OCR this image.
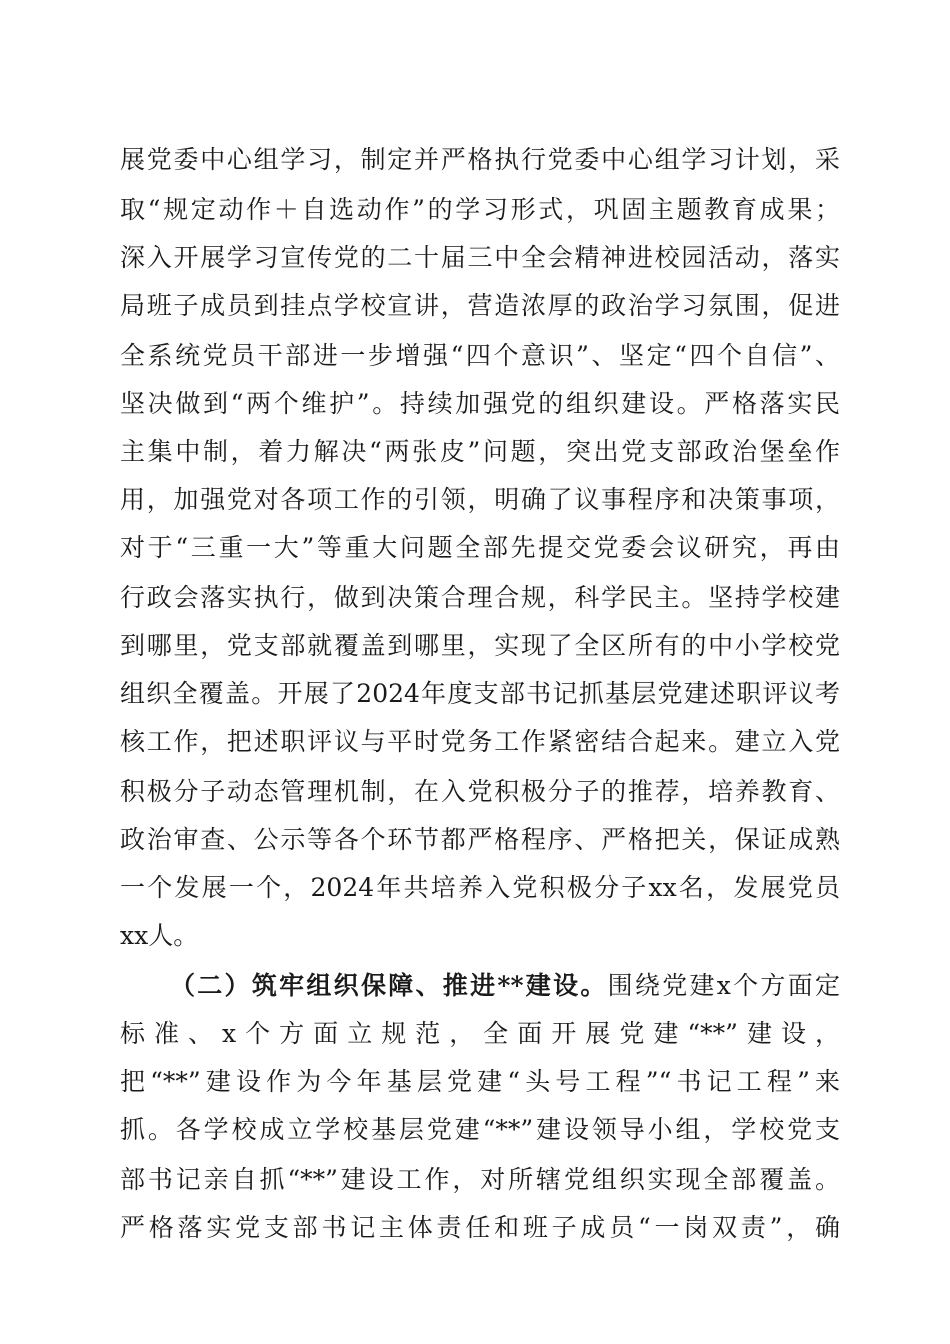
展党委中心组学习，制定并严格执行党委中心组学习计划，采
取“规定动作＋自选动作”的学习形式，巩固主题教育成果；
深入开展学习宣传党的二十届三中全会精神进校园活动，落实
局班子成员到挂点学校宣讲，营造浓厚的政治学习氛围，促进
全系统党员干部进一步增强“四个意识”、坚定“四个自信”、
坚决做到“两个维护”。持续加强党的组织建设。严格落实民
主集中制，着力解决“两张皮”问题，突出党支部政治堡垒作
用，加强党对各项工作的引领，明确了议事程序和决策事项，
对于“三重一大”等重大问题全部先提交党委会议研究，再由
行政会落实执行，做到决策合理合规，科学民主。坚持学校建
到哪里，党支部就覆盖到哪里，实现了全区所有的中小学校党
组织全覆盖。开展了2024年度支部书记抓基层党建述职评议考
核工作，把述职评议与平时党务工作紧密结合起来。建立入党
积极分子动态管理机制，在入党积极分子的推荐，培养教育、
政治审查、公示等各个环节都严格程序、严格把关，保证成熟
一个发展一个，2024年共培养入党积极分子xx名，发展党员
xx人。
（二）筑牢组织保障、推进**建设。围绕党建x个方面定
标准、x个方面立规范，全面开展党建“**”建设，
把“**”建设作为今年基层党建“头号工程”“书记工程”来
抓。各学校成立学校基层党建“**”建设领导小组，学校党支
部书记亲自抓“**”建设工作，对所辖党组织实现全部覆盖。
严格落实党支部书记主体责任和班子成员“一岗双责”，确
